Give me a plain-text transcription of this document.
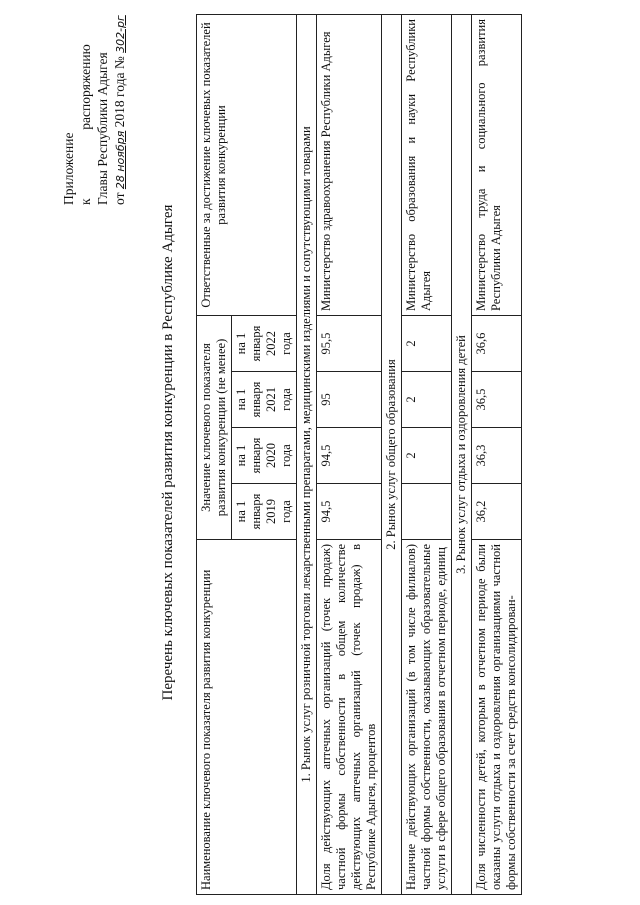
Приложение к  распоряжению Главы Республики Адыгея от 28 ноября 2018 года № 302-рг
Перечень ключевых показателей развития конкуренции в Республике Адыгея
Наименование ключевого показателя развития конкуренции	Значение ключевого показателя развития конкуренции (не менее)				Ответственные за достижение ключевых показателей развития конкуренции
	на 1 января 2019 года	на 1 января 2020 года	на 1 января 2021 года	на 1 января 2022 года	
1. Рынок услуг розничной торговли лекарственными препаратами, медицинскими изделиями и сопутствующими товарами					
Доля действующих аптечных организаций (точек продаж) частной формы собственности в общем количестве действующих аптечных организаций (точек продаж) в Республике Адыгея, процентов	94,5	94,5	95	95,5	Министерство здравоохранения Республики Адыгея
2. Рынок услуг общего образования					
Наличие действующих организаций (в том числе филиалов) частной формы собственности, оказывающих образовательные услуги в сфере общего образования в отчетном периоде, единиц		2	2	2	Министерство образования и науки Республики Адыгея
3. Рынок услуг отдыха и оздоровления детей					
Доля численности детей, которым в отчетном периоде были оказаны услуги отдыха и оздоровления организациями частной формы собственности за счет средств консолидирован-	36,2	36,3	36,5	36,6	Министерство труда и социального развития Республики Адыгея
